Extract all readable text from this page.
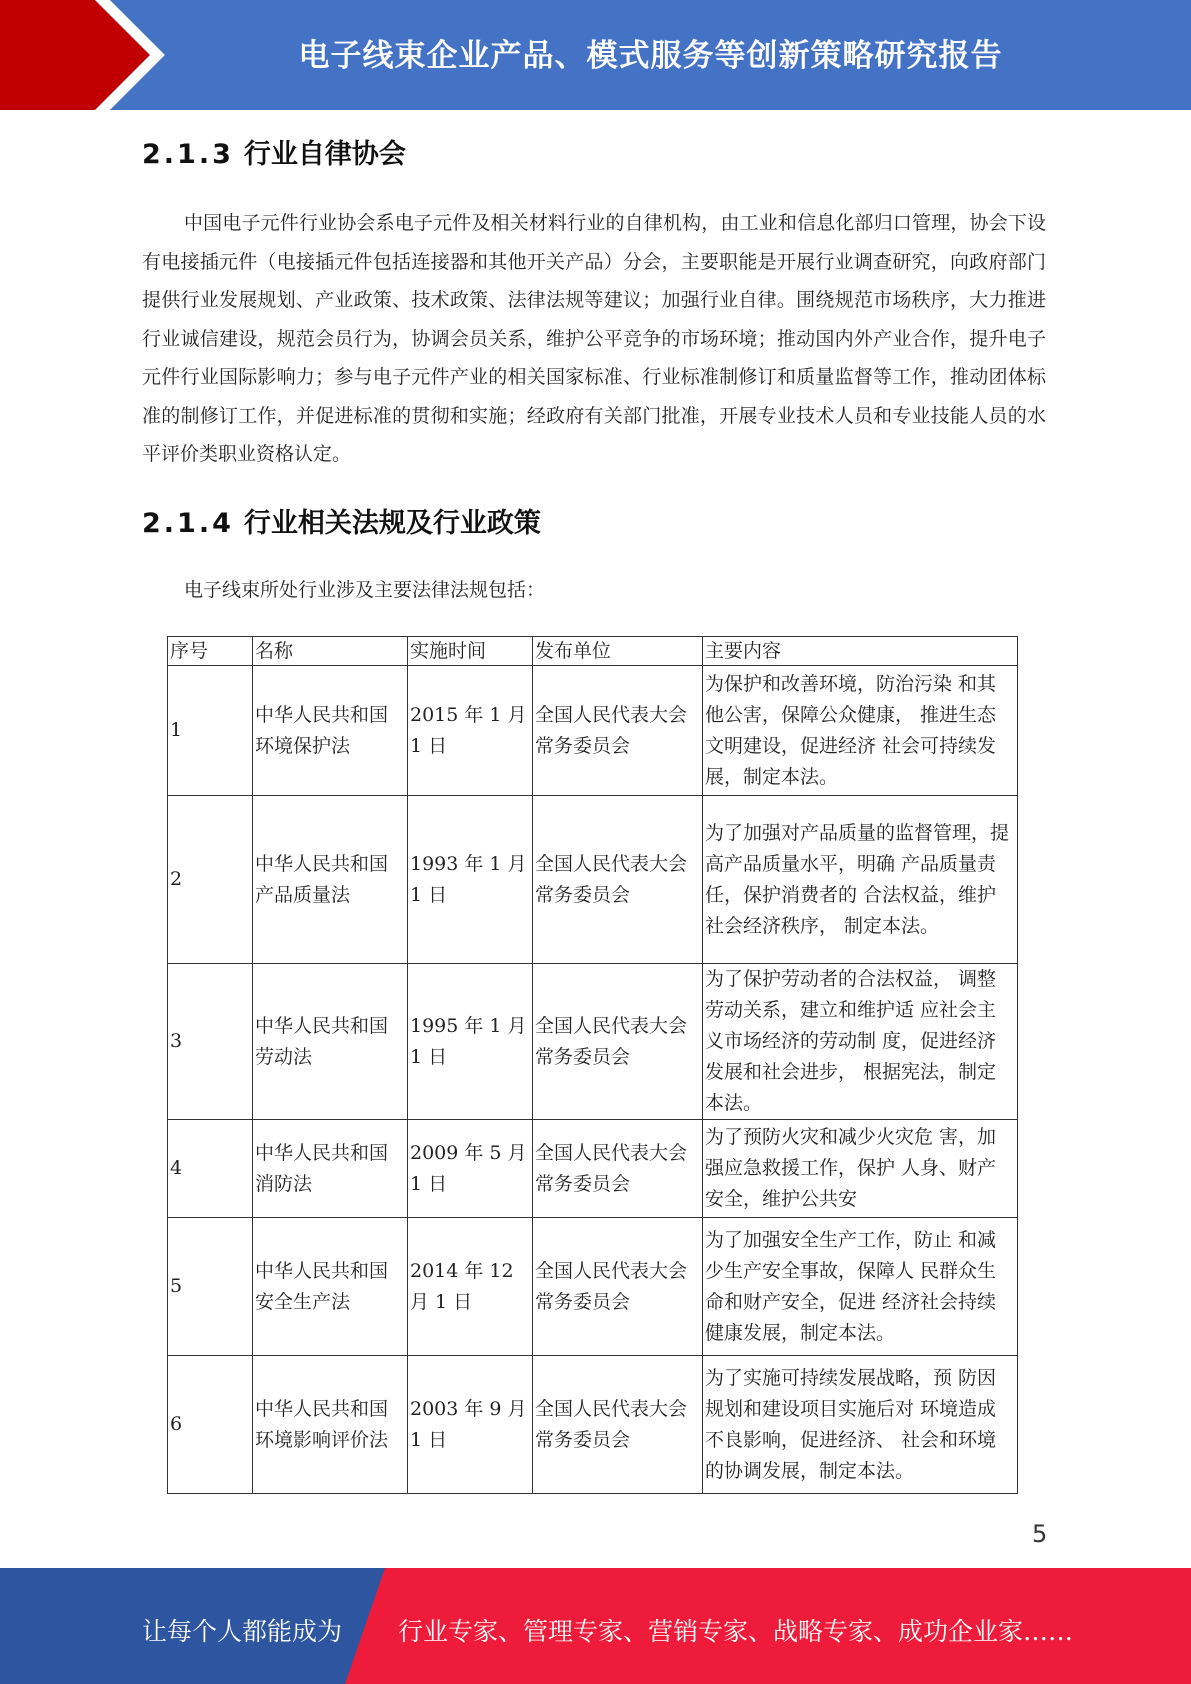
电子线束企业产品、模式服务等创新策略研究报告
2.1.3 行业自律协会
中国电子元件行业协会系电子元件及相关材料行业的自律机构，由工业和信息化部归口管理，协会下设有电接插元件（电接插元件包括连接器和其他开关产品）分会，主要职能是开展行业调查研究，向政府部门提供行业发展规划、产业政策、技术政策、法律法规等建议；加强行业自律。围绕规范市场秩序，大力推进行业诚信建设，规范会员行为，协调会员关系，维护公平竞争的市场环境；推动国内外产业合作，提升电子元件行业国际影响力；参与电子元件产业的相关国家标准、行业标准制修订和质量监督等工作，推动团体标准的制修订工作，并促进标准的贯彻和实施；经政府有关部门批准，开展专业技术人员和专业技能人员的水平评价类职业资格认定。
2.1.4 行业相关法规及行业政策
电子线束所处行业涉及主要法律法规包括：
序号	名称	实施时间	发布单位	主要内容
1	中华人民共和国环境保护法	2015 年 1 月 1 日	全国人民代表大会常务委员会	为保护和改善环境，防治污染 和其他公害，保障公众健康， 推进生态文明建设，促进经济 社会可持续发展，制定本法。
2	中华人民共和国产品质量法	1993 年 1 月 1 日	全国人民代表大会常务委员会	为了加强对产品质量的监督管理，提高产品质量水平，明确 产品质量责任，保护消费者的 合法权益，维护社会经济秩序， 制定本法。
3	中华人民共和国劳动法	1995 年 1 月 1 日	全国人民代表大会常务委员会	为了保护劳动者的合法权益， 调整劳动关系，建立和维护适 应社会主义市场经济的劳动制 度，促进经济发展和社会进步， 根据宪法，制定本法。
4	中华人民共和国消防法	2009 年 5 月 1 日	全国人民代表大会常务委员会	为了预防火灾和减少火灾危 害，加强应急救援工作，保护 人身、财产安全，维护公共安
5	中华人民共和国安全生产法	2014 年 12 月 1 日	全国人民代表大会常务委员会	为了加强安全生产工作，防止 和减少生产安全事故，保障人 民群众生命和财产安全，促进 经济社会持续健康发展，制定本法。
6	中华人民共和国环境影响评价法	2003 年 9 月 1 日	全国人民代表大会常务委员会	为了实施可持续发展战略，预 防因规划和建设项目实施后对 环境造成不良影响，促进经济、 社会和环境的协调发展，制定本法。
5
让每个人都能成为 行业专家、管理专家、营销专家、战略专家、成功企业家……
